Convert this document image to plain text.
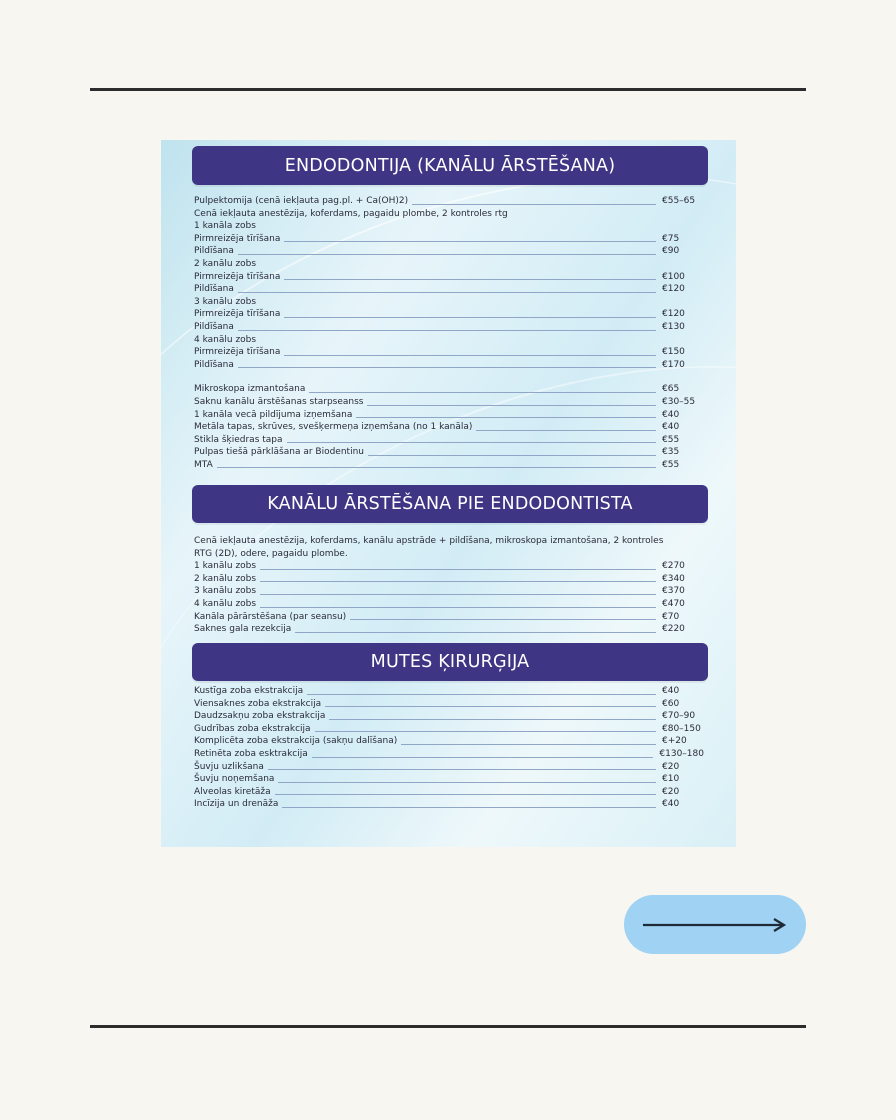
ENDODONTIJA (KANĀLU ĀRSTĒŠANA)
Pulpektomija (cenā iekļauta pag.pl. + Ca(OH)2)	€55–65
Cenā iekļauta anestēzija, koferdams, pagaidu plombe, 2 kontroles rtg
1 kanāla zobs
Pirmreizēja tīrīšana	€75
Pildīšana	€90
2 kanālu zobs
Pirmreizēja tīrīšana	€100
Pildīšana	€120
3 kanālu zobs
Pirmreizēja tīrīšana	€120
Pildīšana	€130
4 kanālu zobs
Pirmreizēja tīrīšana	€150
Pildīšana	€170
Mikroskopa izmantošana	€65
Saknu kanālu ārstēšanas starpseanss	€30–55
1 kanāla vecā pildījuma izņemšana	€40
Metāla tapas, skrūves, svešķermeņa izņemšana (no 1 kanāla)	€40
Stikla šķiedras tapa	€55
Pulpas tiešā pārklāšana ar Biodentinu	€35
MTA	€55
KANĀLU ĀRSTĒŠANA PIE ENDODONTISTA
Cenā iekļauta anestēzija, koferdams, kanālu apstrāde + pildīšana, mikroskopa izmantošana, 2 kontroles
RTG (2D), odere, pagaidu plombe.
1 kanālu zobs	€270
2 kanālu zobs	€340
3 kanālu zobs	€370
4 kanālu zobs	€470
Kanāla pārārstēšana (par seansu)	€70
Saknes gala rezekcija	€220
MUTES ĶIRURĢIJA
Kustīga zoba ekstrakcija	€40
Viensaknes zoba ekstrakcija	€60
Daudzsakņu zoba ekstrakcija	€70–90
Gudrības zoba ekstrakcija	€80–150
Komplicēta zoba ekstrakcija (sakņu dalīšana)	€+20
Retinēta zoba esktrakcija	€130–180
Šuvju uzlikšana	€20
Šuvju noņemšana	€10
Alveolas kiretāža	€20
Incīzija un drenāža	€40
